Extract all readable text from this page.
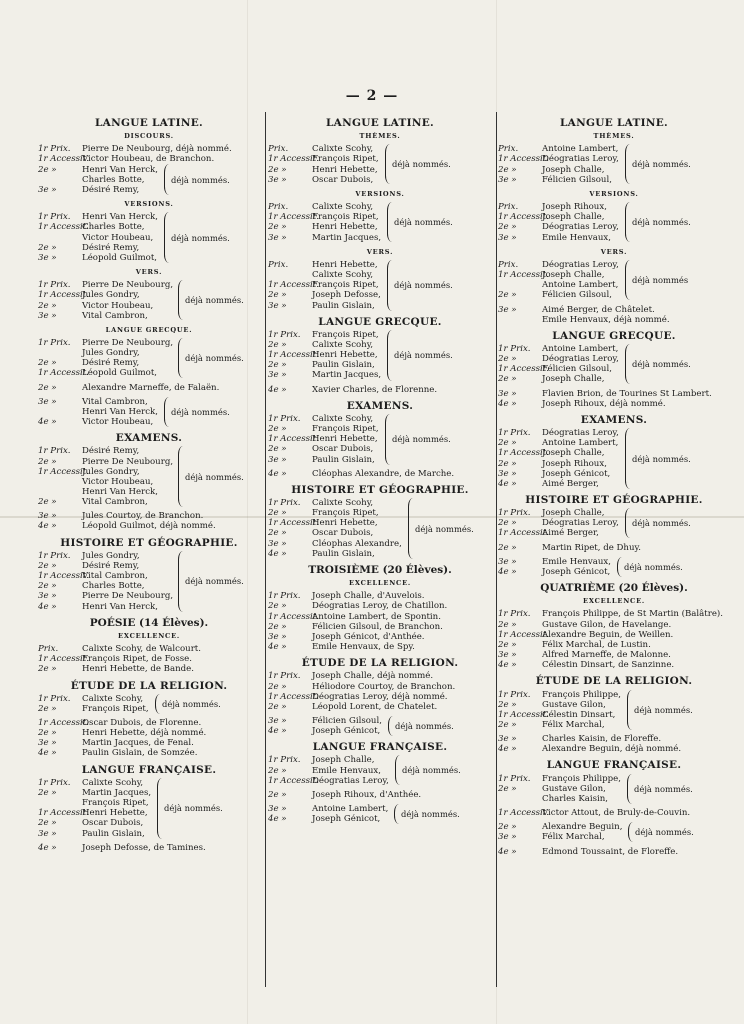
— 2 —
LANGUE LATINE.
DISCOURS.
1r Prix. Pierre De Neubourg, déjà nommé.
1r Accessit.Victor Houbeau, de Branchon.
2e »	Henri Van Herck,
Charles Botte,
3e »	Désiré Remy,
déjà nommés.
VERSIONS.
1r Prix. Henri Van Herck,
1r Accessit.Charles Botte,
Victor Houbeau,
2e »	Désiré Remy,
3e »	Léopold Guilmot,
déjà nommés.
VERS.
1r Prix. Pierre De Neubourg,
1r Accessit.Jules Gondry,
2e »	Victor Houbeau,
3e »	Vital Cambron,
déjà nommés.
LANGUE GRECQUE.
1r Prix. Pierre De Neubourg,
Jules Gondry,
2e »	Désiré Remy,
1r Accessit.Léopold Guilmot,
déjà nommés.
2e »	Alexandre Marneffe, de Falaën.
3e »	Vital Cambron,
Henri Van Herck,
4e »	Victor Houbeau,
déjà nommés.
EXAMENS.
1r Prix. Désiré Remy,
2e »	Pierre De Neubourg,
1r Accessit.Jules Gondry,
Victor Houbeau,
Henri Van Herck,
2e »	Vital Cambron,
déjà nommés.
3e »	Jules Courtoy, de Branchon.
4e »	Léopold Guilmot, déjà nommé.
HISTOIRE ET GÉOGRAPHIE.
1r Prix. Jules Gondry,
2e »	Désiré Remy,
1r Accessit.Vital Cambron,
2e »	Charles Botte,
3e »	Pierre De Neubourg,
4e »	Henri Van Herck,
déjà nommés.
POÉSIE (14 Élèves).
EXCELLENCE.
Prix.	Calixte Scohy, de Walcourt.
1r Accessit.François Ripet, de Fosse.
2e »	Henri Hebette, de Bande.
ÉTUDE DE LA RELIGION.
1r Prix. Calixte Scohy,
2e »	François Ripet,
déjà nommés.
1r Accessit.Oscar Dubois, de Florenne.
2e »	Henri Hebette, déjà nommé.
3e »	Martin Jacques, de Fenal.
4e »	Paulin Gislain, de Somzée.
LANGUE FRANÇAISE.
1r Prix. Calixte Scohy,
2e »	Martin Jacques,
François Ripet,
1r Accessit.Henri Hebette,
2e »	Oscar Dubois,
3e »	Paulin Gislain,
déjà nommés.
4e »	Joseph Defosse, de Tamines.
LANGUE LATINE.
THÈMES.
Prix.	Calixte Scohy,
1r Accessit.François Ripet,
2e »	Henri Hebette,
3e »	Oscar Dubois,
déjà nommés.
VERSIONS.
Prix.	Calixte Scohy,
1r Accessit.François Ripet,
2e »	Henri Hebette,
3e »	Martin Jacques,
déjà nommés.
VERS.
Prix.	Henri Hebette,
Calixte Scohy,
1r Accessit.François Ripet,
2e »	Joseph Defosse,
3e »	Paulin Gislain,
déjà nommés.
LANGUE GRECQUE.
1r Prix. François Ripet,
2e »	Calixte Scohy,
1r Accessit.Henri Hebette,
2e »	Paulin Gislain,
3e »	Martin Jacques,
déjà nommés.
4e »	Xavier Charles, de Florenne.
EXAMENS.
1r Prix. Calixte Scohy,
2e »	François Ripet,
1r Accessit.Henri Hebette,
2e »	Oscar Dubois,
3e »	Paulin Gislain,
déjà nommés.
4e »	Cléophas Alexandre, de Marche.
HISTOIRE ET GÉOGRAPHIE.
1r Prix. Calixte Scohy,
2e »	François Ripet,
1r Accessit.Henri Hebette,
2e »	Oscar Dubois,
3e »	Cléophas Alexandre,
4e »	Paulin Gislain,
déjà nommés.
TROISIÈME (20 Élèves).
EXCELLENCE.
1r Prix. Joseph Challe, d'Auvelois.
2e »	Déogratias Leroy, de Chatillon.
1r Accessit.Antoine Lambert, de Spontin.
2e »	Félicien Gilsoul, de Branchon.
3e »	Joseph Génicot, d'Anthée.
4e »	Emile Henvaux, de Spy.
ÉTUDE DE LA RELIGION.
1r Prix. Joseph Challe, déjà nommé.
2e »	Héliodore Courtoy, de Branchon.
1r Accessit.Déogratias Leroy, déjà nommé.
2e »	Léopold Lorent, de Chatelet.
3e »	Félicien Gilsoul,
4e »	Joseph Génicot,
déjà nommés.
LANGUE FRANÇAISE.
1r Prix. Joseph Challe,
2e »	Emile Henvaux,
1r Accessit.Déogratias Leroy,
déjà nommés.
2e »	Joseph Rihoux, d'Anthée.
3e »	Antoine Lambert,
4e »	Joseph Génicot,
déjà nommés.
LANGUE LATINE.
THÈMES.
Prix.	Antoine Lambert,
1r Accessit.Déogratias Leroy,
2e »	Joseph Challe,
3e »	Félicien Gilsoul,
déjà nommés.
VERSIONS.
Prix.	Joseph Rihoux,
1r Accessit.Joseph Challe,
2e »	Déogratias Leroy,
3e »	Emile Henvaux,
déjà nommés.
VERS.
Prix.	Déogratias Leroy,
1r Accessit.Joseph Challe,
Antoine Lambert,
2e »	Félicien Gilsoul,
déjà nommés
3e »	Aimé Berger, de Châtelet.
Emile Henvaux, déjà nommé.
LANGUE GRECQUE.
1r Prix. Antoine Lambert,
2e »	Déogratias Leroy,
1r Accessit.Félicien Gilsoul,
2e »	Joseph Challe,
déjà nommés.
3e »	Flavien Brion, de Tourines St Lambert.
4e »	Joseph Rihoux, déjà nommé.
EXAMENS.
1r Prix. Déogratias Leroy,
2e »	Antoine Lambert,
1r Accessit.Joseph Challe,
2e »	Joseph Rihoux,
3e »	Joseph Génicot,
4e »	Aimé Berger,
déjà nommés.
HISTOIRE ET GÉOGRAPHIE.
1r Prix. Joseph Challe,
2e »	Déogratias Leroy,
1r Accessit.Aimé Berger,
déjà nommés.
2e »	Martin Ripet, de Dhuy.
3e »	Emile Henvaux,
4e »	Joseph Génicot,
déjà nommés.
QUATRIÈME (20 Élèves).
EXCELLENCE.
1r Prix. François Philippe, de St Martin (Balâtre).
2e »	Gustave Gilon, de Havelange.
1r Accessit.Alexandre Beguin, de Weillen.
2e »	Félix Marchal, de Lustin.
3e »	Alfred Marneffe, de Malonne.
4e »	Célestin Dinsart, de Sanzinne.
ÉTUDE DE LA RELIGION.
1r Prix. François Philippe,
2e »	Gustave Gilon,
1r Accessit.Célestin Dinsart,
2e »	Félix Marchal,
déjà nommés.
3e »	Charles Kaisin, de Floreffe.
4e »	Alexandre Beguin, déjà nommé.
LANGUE FRANÇAISE.
1r Prix. François Philippe,
2e »	Gustave Gilon,
Charles Kaisin,
déjà nommés.
1r Accessit.Victor Attout, de Bruly-de-Couvin.
2e »	Alexandre Beguin,
3e »	Félix Marchal,
déjà nommés.
4e »	Edmond Toussaint, de Floreffe.
